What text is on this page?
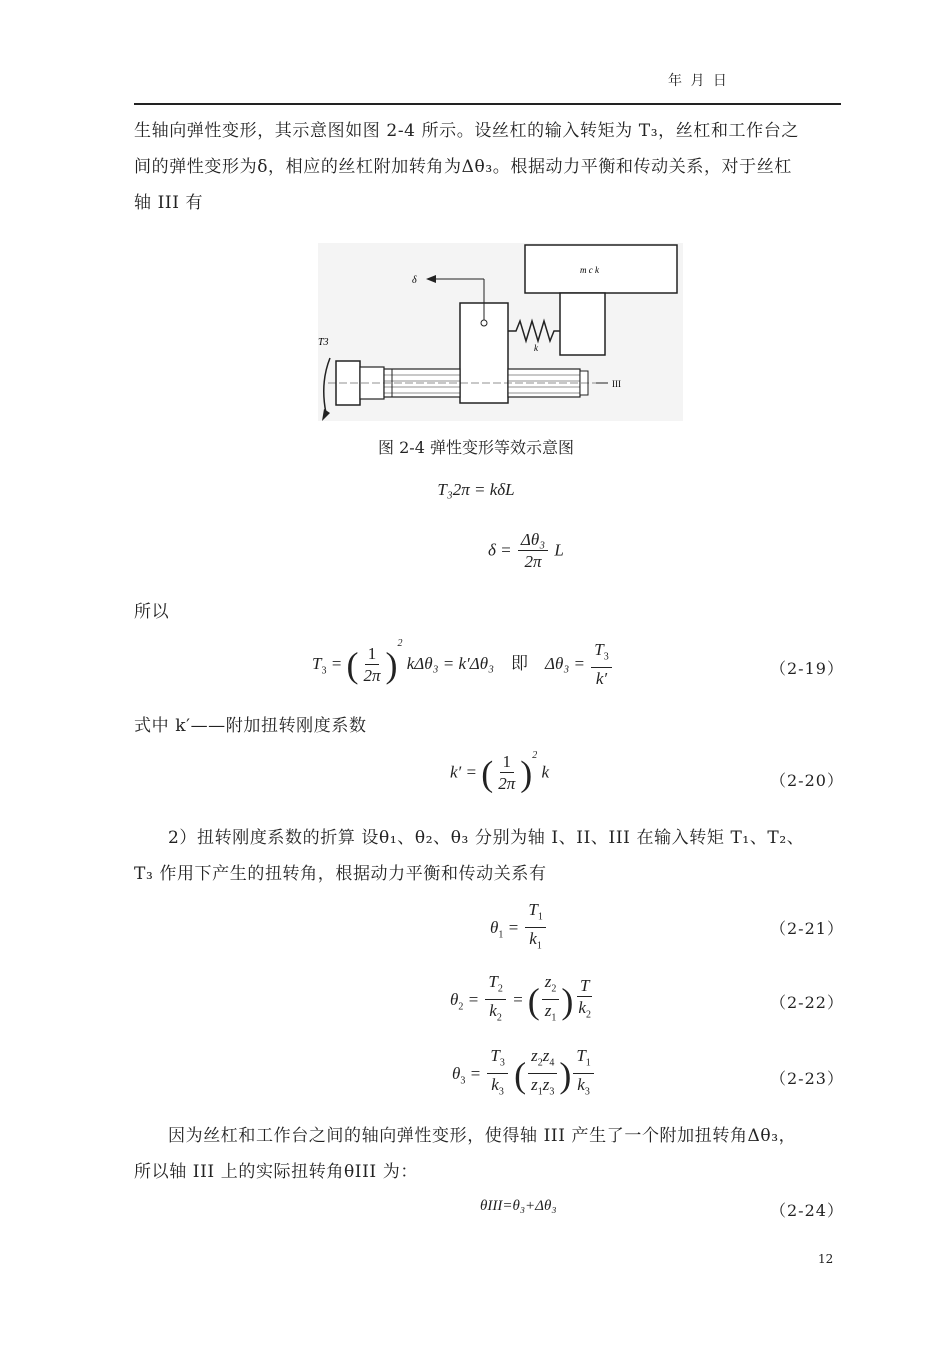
年 月 日
生轴向弹性变形，其示意图如图 2-4 所示。设丝杠的输入转矩为 T₃，丝杠和工作台之
间的弹性变形为δ，相应的丝杠附加转角为Δθ₃。根据动力平衡和传动关系，对于丝杠
轴 III 有
m c k
δ
k
III
T3
图 2-4 弹性变形等效示意图
T₃2π = kδL
$\delta = \frac{\text{Δθ₃}}{2\pi}$ L
所以
$T_3$ = ( $\frac{1}{2\pi} )^2$ kΔθ₃ = k′Δθ₃ 即 $\Delta\theta_3 = \frac{T_3}{k'}$	（2-19）
式中 k′——附加扭转刚度系数
k′ = ( $\frac{1}{2\pi} )^2$ k	（2-20）
2）扭转刚度系数的折算 设θ₁、θ₂、θ₃ 分别为轴 I、II、III 在输入转矩 T₁、T₂、
T₃ 作用下产生的扭转角，根据动力平衡和传动关系有
$\theta_1 = \frac{T_1}{k_1}$	（2-21）
$\theta_2 = \frac{T_2}{k_2}$ = ( $\frac{z_2}{z_1}$ ) $\frac{T}{k_2}$	（2-22）
$\theta_3 = \frac{T_3}{k_3}$ ( $\frac{z_2z_4}{z_1z_3}$ ) $\frac{T_1}{k_3}$	（2-23）
因为丝杠和工作台之间的轴向弹性变形，使得轴 III 产生了一个附加扭转角Δθ₃，
所以轴 III 上的实际扭转角θIII 为：
θIII=θ₃+Δθ₃	（2-24）
12
